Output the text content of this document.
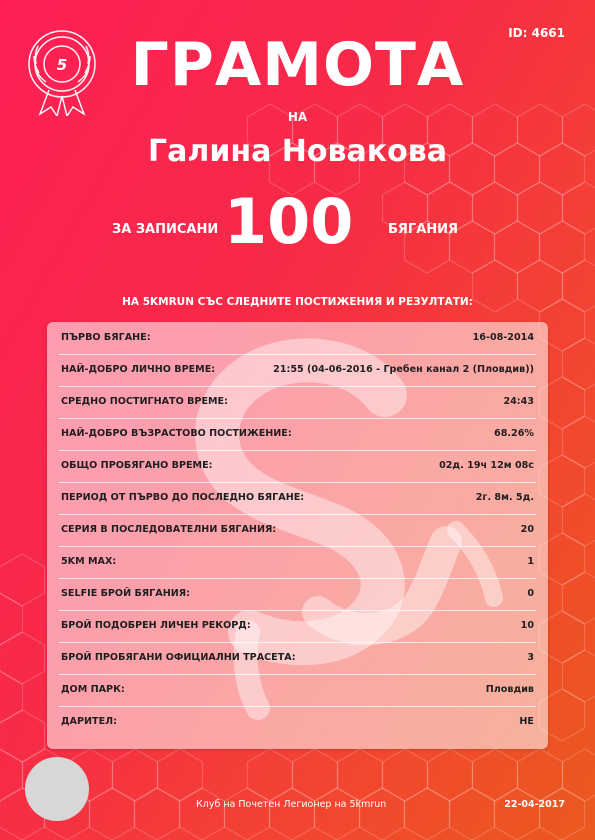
5
ID: 4661
ГРАМОТА
НА
Галина Новакова
ЗА ЗАПИСАНИ 100	БЯГАНИЯ
НА 5KMRUN СЪС СЛЕДНИТЕ ПОСТИЖЕНИЯ И РЕЗУЛТАТИ:
ПЪРВО БЯГАНЕ:	16-08-2014
НАЙ-ДОБРО ЛИЧНО ВРЕМЕ:	21:55 (04-06-2016 - Гребен канал 2 (Пловдив))
СРЕДНО ПОСТИГНАТО ВРЕМЕ:	24:43
НАЙ-ДОБРО ВЪЗРАСТОВО ПОСТИЖЕНИЕ:	68.26%
ОБЩО ПРОБЯГАНО ВРЕМЕ:	02д. 19ч 12м 08с
ПЕРИОД ОТ ПЪРВО ДО ПОСЛЕДНО БЯГАНЕ:	2г. 8м. 5д.
СЕРИЯ В ПОСЛЕДОВАТЕЛНИ БЯГАНИЯ:	20
5KM MAX:	1
SELFIE БРОЙ БЯГАНИЯ:	0
БРОЙ ПОДОБРЕН ЛИЧЕН РЕКОРД:	10
БРОЙ ПРОБЯГАНИ ОФИЦИАЛНИ ТРАСЕТА:	3
ДОМ ПАРК:	Пловдив
ДАРИТЕЛ:	НЕ
Клуб на Почетен Легионер на 5kmrun	22-04-2017
